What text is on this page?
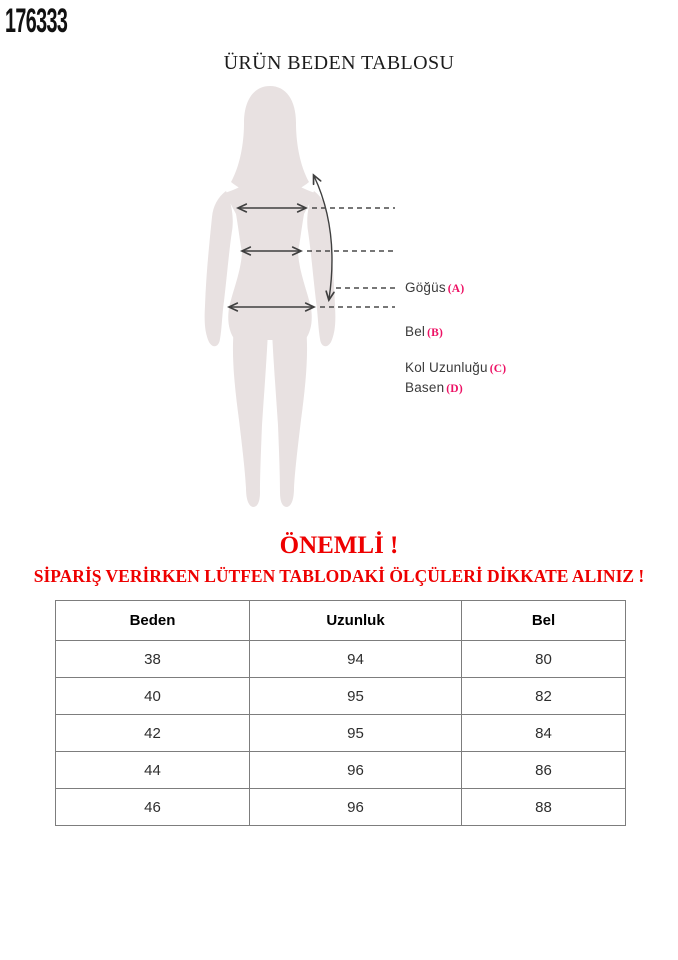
176333
ÜRÜN BEDEN TABLOSU
Göğüs (A)
Bel (B)
Kol Uzunluğu (C)
Basen (D)
ÖNEMLİ !
SİPARİŞ VERİRKEN LÜTFEN TABLODAKİ ÖLÇÜLERİ DİKKATE ALINIZ !
Beden	Uzunluk	Bel
38	94	80
40	95	82
42	95	84
44	96	86
46	96	88
